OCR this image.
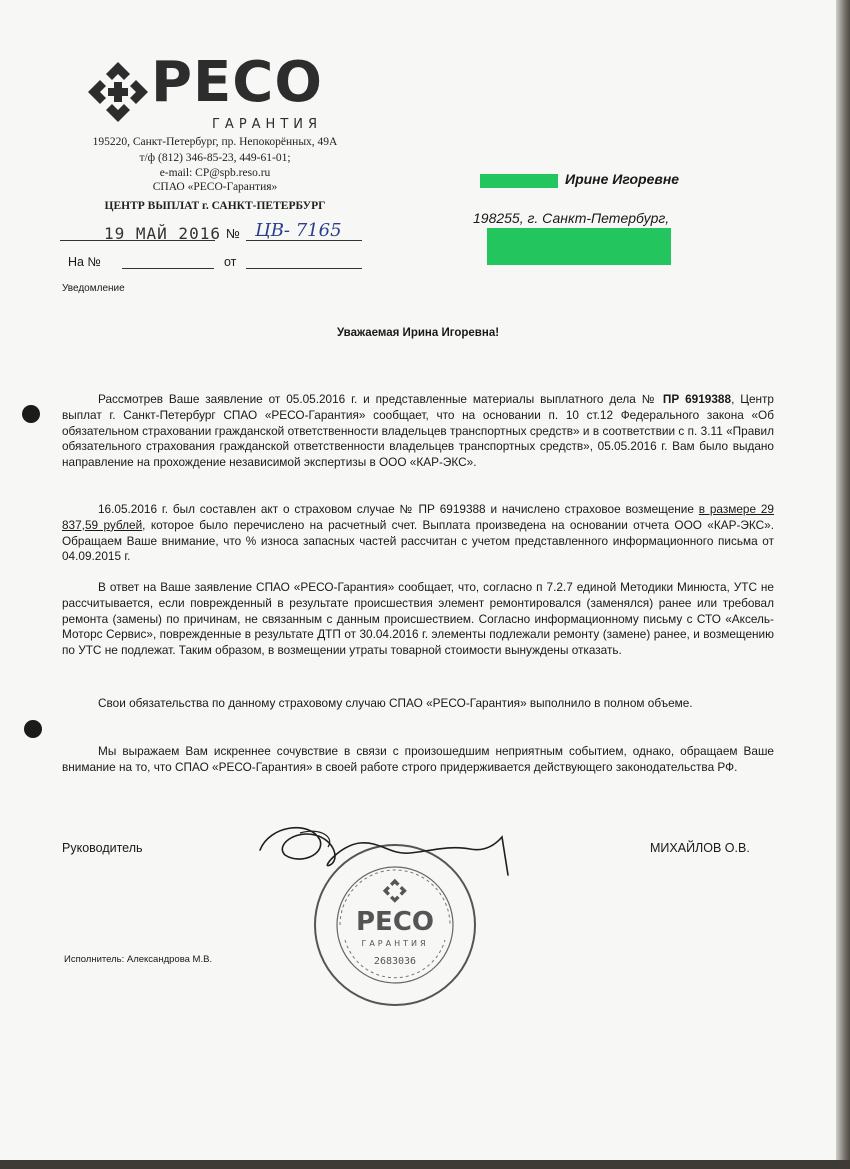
РЕСО
ГАРАНТИЯ
195220, Санкт-Петербург, пр. Непокорённых, 49А
т/ф (812) 346-85-23, 449-61-01;
e-mail: CP@spb.reso.ru
СПАО «РЕСО-Гарантия»
ЦЕНТР ВЫПЛАТ г. САНКТ-ПЕТЕРБУРГ
19 МАЙ 2016 № ЦВ- 7165
На №	от
Уведомление
Ирине Игоревне
198255, г. Санкт-Петербург,
Уважаемая Ирина Игоревна!

Рассмотрев Ваше заявление от 05.05.2016 г. и представленные материалы выплатного дела № ПР 6919388, Центр выплат г. Санкт-Петербург СПАО «РЕСО-Гарантия» сообщает, что на основании п. 10 ст.12 Федерального закона «Об обязательном страховании гражданской ответственности владельцев транспортных средств» и в соответствии с п. 3.11 «Правил обязательного страхования гражданской ответственности владельцев транспортных средств», 05.05.2016 г. Вам было выдано направление на прохождение независимой экспертизы в ООО «КАР-ЭКС».

16.05.2016 г. был составлен акт о страховом случае № ПР 6919388 и начислено страховое возмещение в размере 29 837,59 рублей, которое было перечислено на расчетный счет. Выплата произведена на основании отчета ООО «КАР-ЭКС». Обращаем Ваше внимание, что % износа запасных частей рассчитан с учетом представленного информационного письма от 04.09.2015 г.

В ответ на Ваше заявление СПАО «РЕСО-Гарантия» сообщает, что, согласно п 7.2.7 единой Методики Минюста, УТС не рассчитывается, если поврежденный в результате происшествия элемент ремонтировался (заменялся) ранее или требовал ремонта (замены) по причинам, не связанным с данным происшествием. Согласно информационному письму с СТО «Аксель-Моторс Сервис», поврежденные в результате ДТП от 30.04.2016 г. элементы подлежали ремонту (замене) ранее, и возмещению по УТС не подлежат. Таким образом, в возмещении утраты товарной стоимости вынуждены отказать.

Свои обязательства по данному страховому случаю СПАО «РЕСО-Гарантия» выполнило в полном объеме.

Мы выражаем Вам искреннее сочувствие в связи с произошедшим неприятным событием, однако, обращаем Ваше внимание на то, что СПАО «РЕСО-Гарантия» в своей работе строго придерживается действующего законодательства РФ.

РЕСО
ГАРАНТИЯ
2683036
Руководитель	МИХАЙЛОВ О.В.
Исполнитель: Александрова М.В.
